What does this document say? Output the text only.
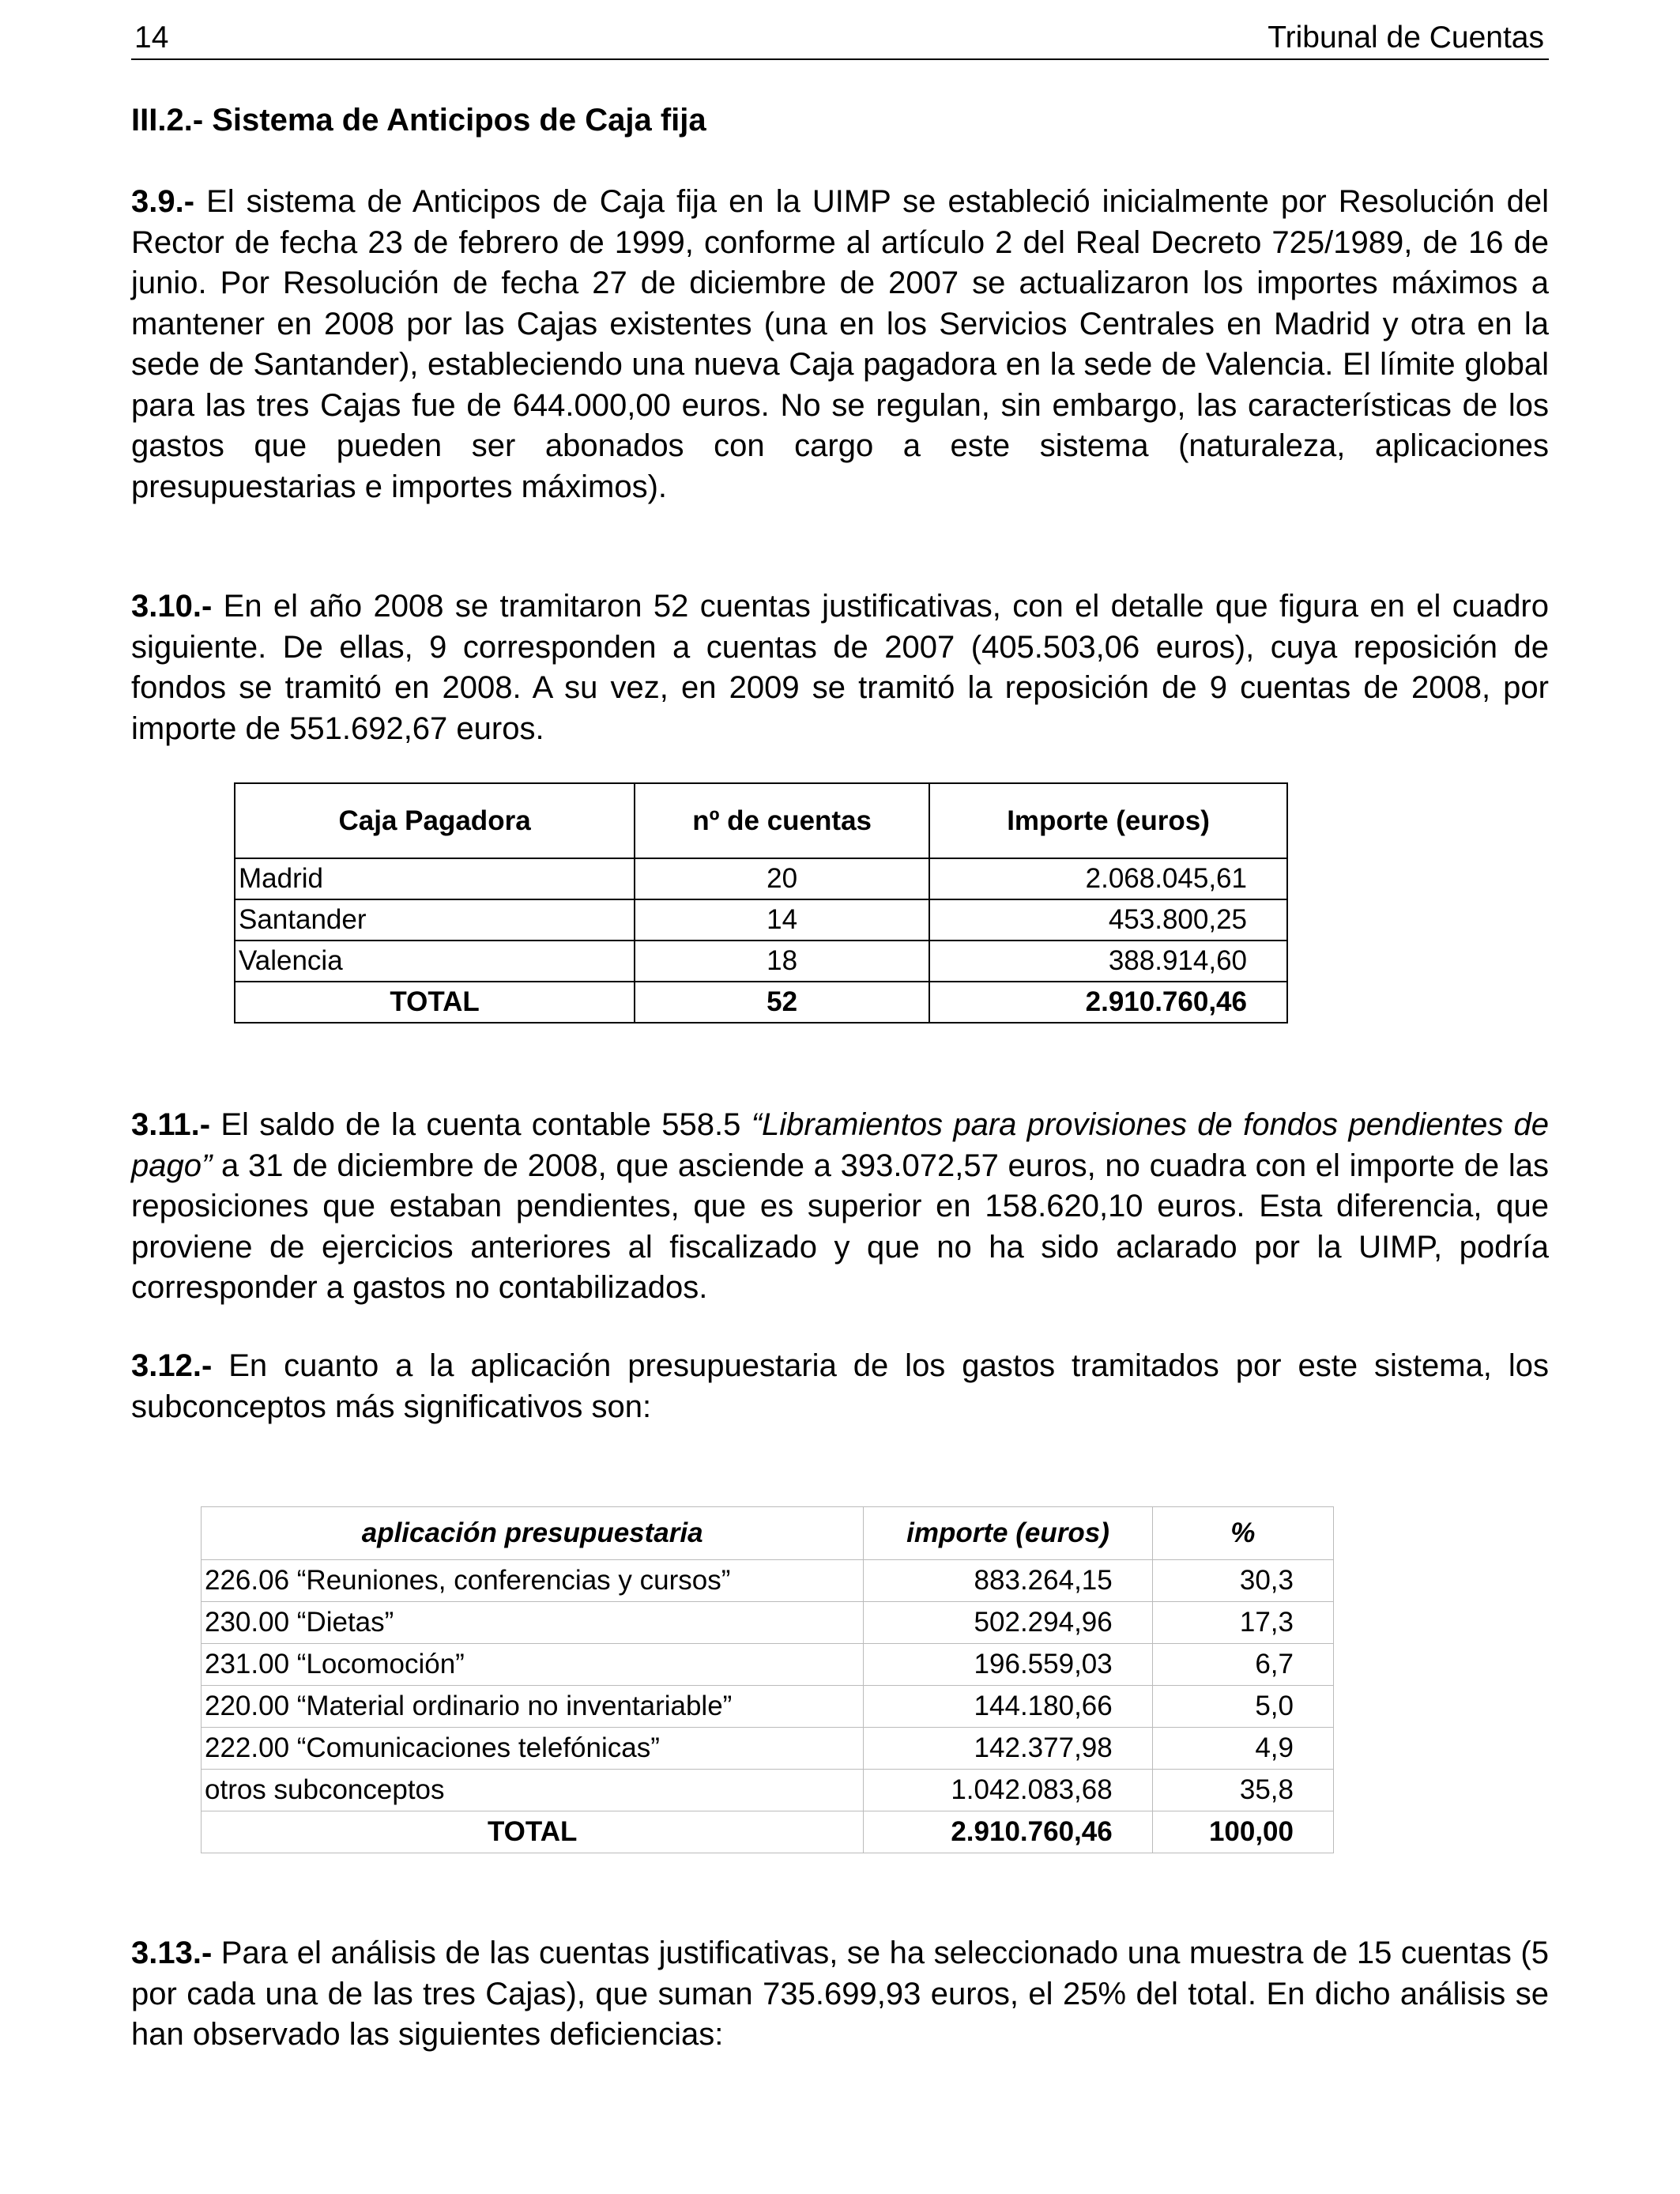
14	Tribunal de Cuentas
III.2.- Sistema de Anticipos de Caja fija
3.9.- El sistema de Anticipos de Caja fija en la UIMP se estableció inicialmente por Resolución del Rector de fecha 23 de febrero de 1999, conforme al artículo 2 del Real Decreto 725/1989, de 16 de junio. Por Resolución de fecha 27 de diciembre de 2007 se actualizaron los importes máximos a mantener en 2008 por las Cajas existentes (una en los Servicios Centrales en Madrid y otra en la sede de Santander), estableciendo una nueva Caja pagadora en la sede de Valencia. El límite global para las tres Cajas fue de 644.000,00 euros. No se regulan, sin embargo, las características de los gastos que pueden ser abonados con cargo a este sistema (naturaleza, aplicaciones presupuestarias e importes máximos).
3.10.- En el año 2008 se tramitaron 52 cuentas justificativas, con el detalle que figura en el cuadro siguiente. De ellas, 9 corresponden a cuentas de 2007 (405.503,06 euros), cuya reposición de fondos se tramitó en 2008. A su vez, en 2009 se tramitó la reposición de 9 cuentas de 2008, por importe de 551.692,67 euros.
Caja Pagadora	nº de cuentas	Importe (euros)
Madrid	20	2.068.045,61
Santander	14	453.800,25
Valencia	18	388.914,60
TOTAL	52	2.910.760,46
3.11.- El saldo de la cuenta contable 558.5 “Libramientos para provisiones de fondos pendientes de pago” a 31 de diciembre de 2008, que asciende a 393.072,57 euros, no cuadra con el importe de las reposiciones que estaban pendientes, que es superior en 158.620,10 euros. Esta diferencia, que proviene de ejercicios anteriores al fiscalizado y que no ha sido aclarado por la UIMP, podría corresponder a gastos no contabilizados.
3.12.- En cuanto a la aplicación presupuestaria de los gastos tramitados por este sistema, los subconceptos más significativos son:
aplicación presupuestaria	importe (euros)	%
226.06 “Reuniones, conferencias y cursos”	883.264,15	30,3
230.00 “Dietas”	502.294,96	17,3
231.00 “Locomoción”	196.559,03	6,7
220.00 “Material ordinario no inventariable”	144.180,66	5,0
222.00 “Comunicaciones telefónicas”	142.377,98	4,9
otros subconceptos	1.042.083,68	35,8
TOTAL	2.910.760,46	100,00
3.13.- Para el análisis de las cuentas justificativas, se ha seleccionado una muestra de 15 cuentas (5 por cada una de las tres Cajas), que suman 735.699,93 euros, el 25% del total. En dicho análisis se han observado las siguientes deficiencias:
